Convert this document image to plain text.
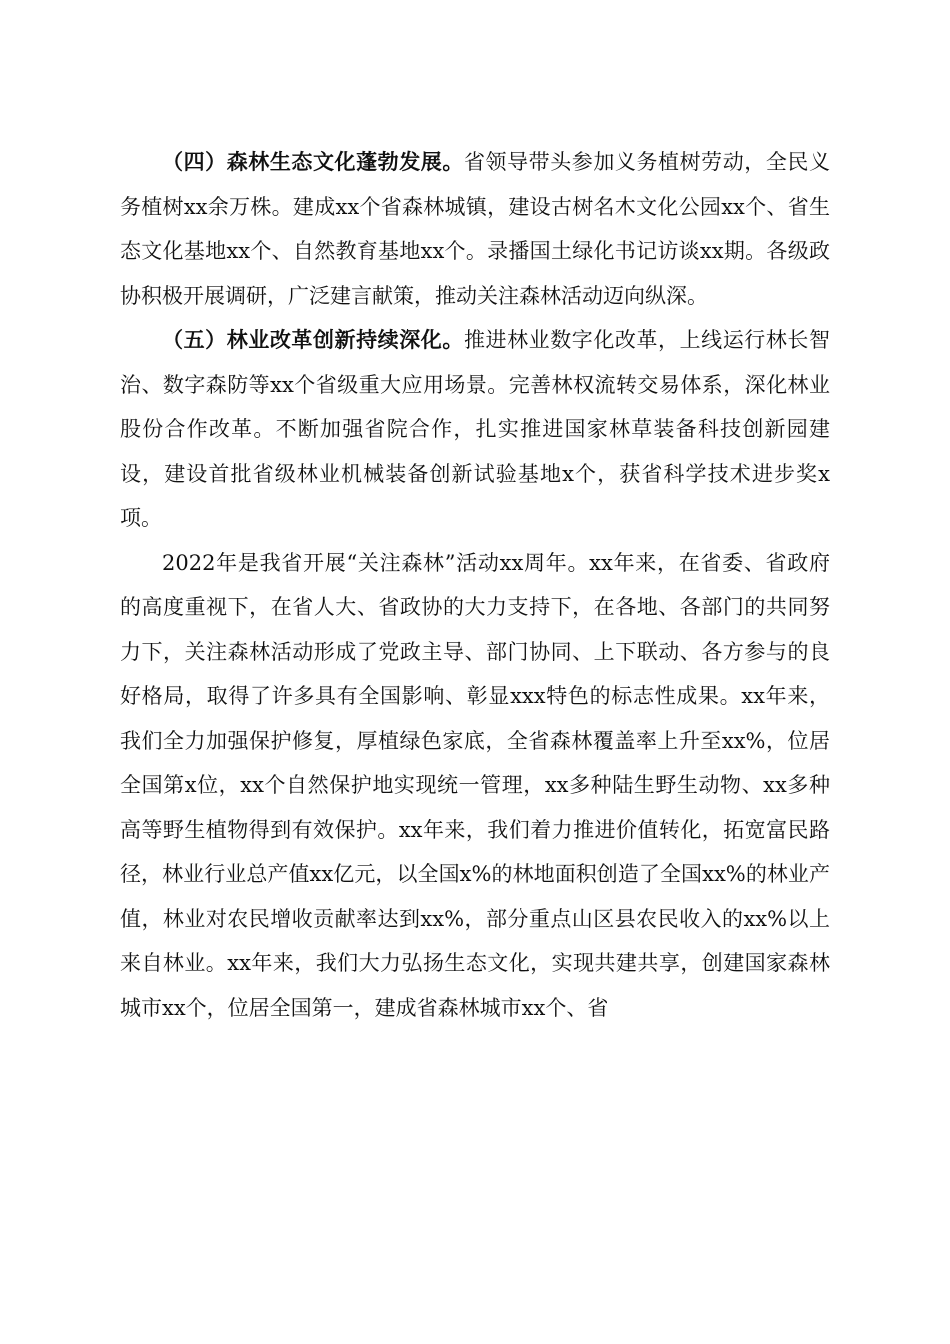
（四）森林生态文化蓬勃发展。省领导带头参加义务植树劳动，全民义务植树xx余万株。建成xx个省森林城镇，建设古树名木文化公园xx个、省生态文化基地xx个、自然教育基地xx个。录播国土绿化书记访谈xx期。各级政协积极开展调研，广泛建言献策，推动关注森林活动迈向纵深。

（五）林业改革创新持续深化。推进林业数字化改革，上线运行林长智治、数字森防等xx个省级重大应用场景。完善林权流转交易体系，深化林业股份合作改革。不断加强省院合作，扎实推进国家林草装备科技创新园建设，建设首批省级林业机械装备创新试验基地x个，获省科学技术进步奖x项。

2022年是我省开展“关注森林”活动xx周年。xx年来，在省委、省政府的高度重视下，在省人大、省政协的大力支持下，在各地、各部门的共同努力下，关注森林活动形成了党政主导、部门协同、上下联动、各方参与的良好格局，取得了许多具有全国影响、彰显xxx特色的标志性成果。xx年来，我们全力加强保护修复，厚植绿色家底，全省森林覆盖率上升至xx%，位居全国第x位，xx个自然保护地实现统一管理，xx多种陆生野生动物、xx多种高等野生植物得到有效保护。xx年来，我们着力推进价值转化，拓宽富民路径，林业行业总产值xx亿元，以全国x%的林地面积创造了全国xx%的林业产值，林业对农民增收贡献率达到xx%，部分重点山区县农民收入的xx%以上来自林业。xx年来，我们大力弘扬生态文化，实现共建共享，创建国家森林城市xx个，位居全国第一，建成省森林城市xx个、省
